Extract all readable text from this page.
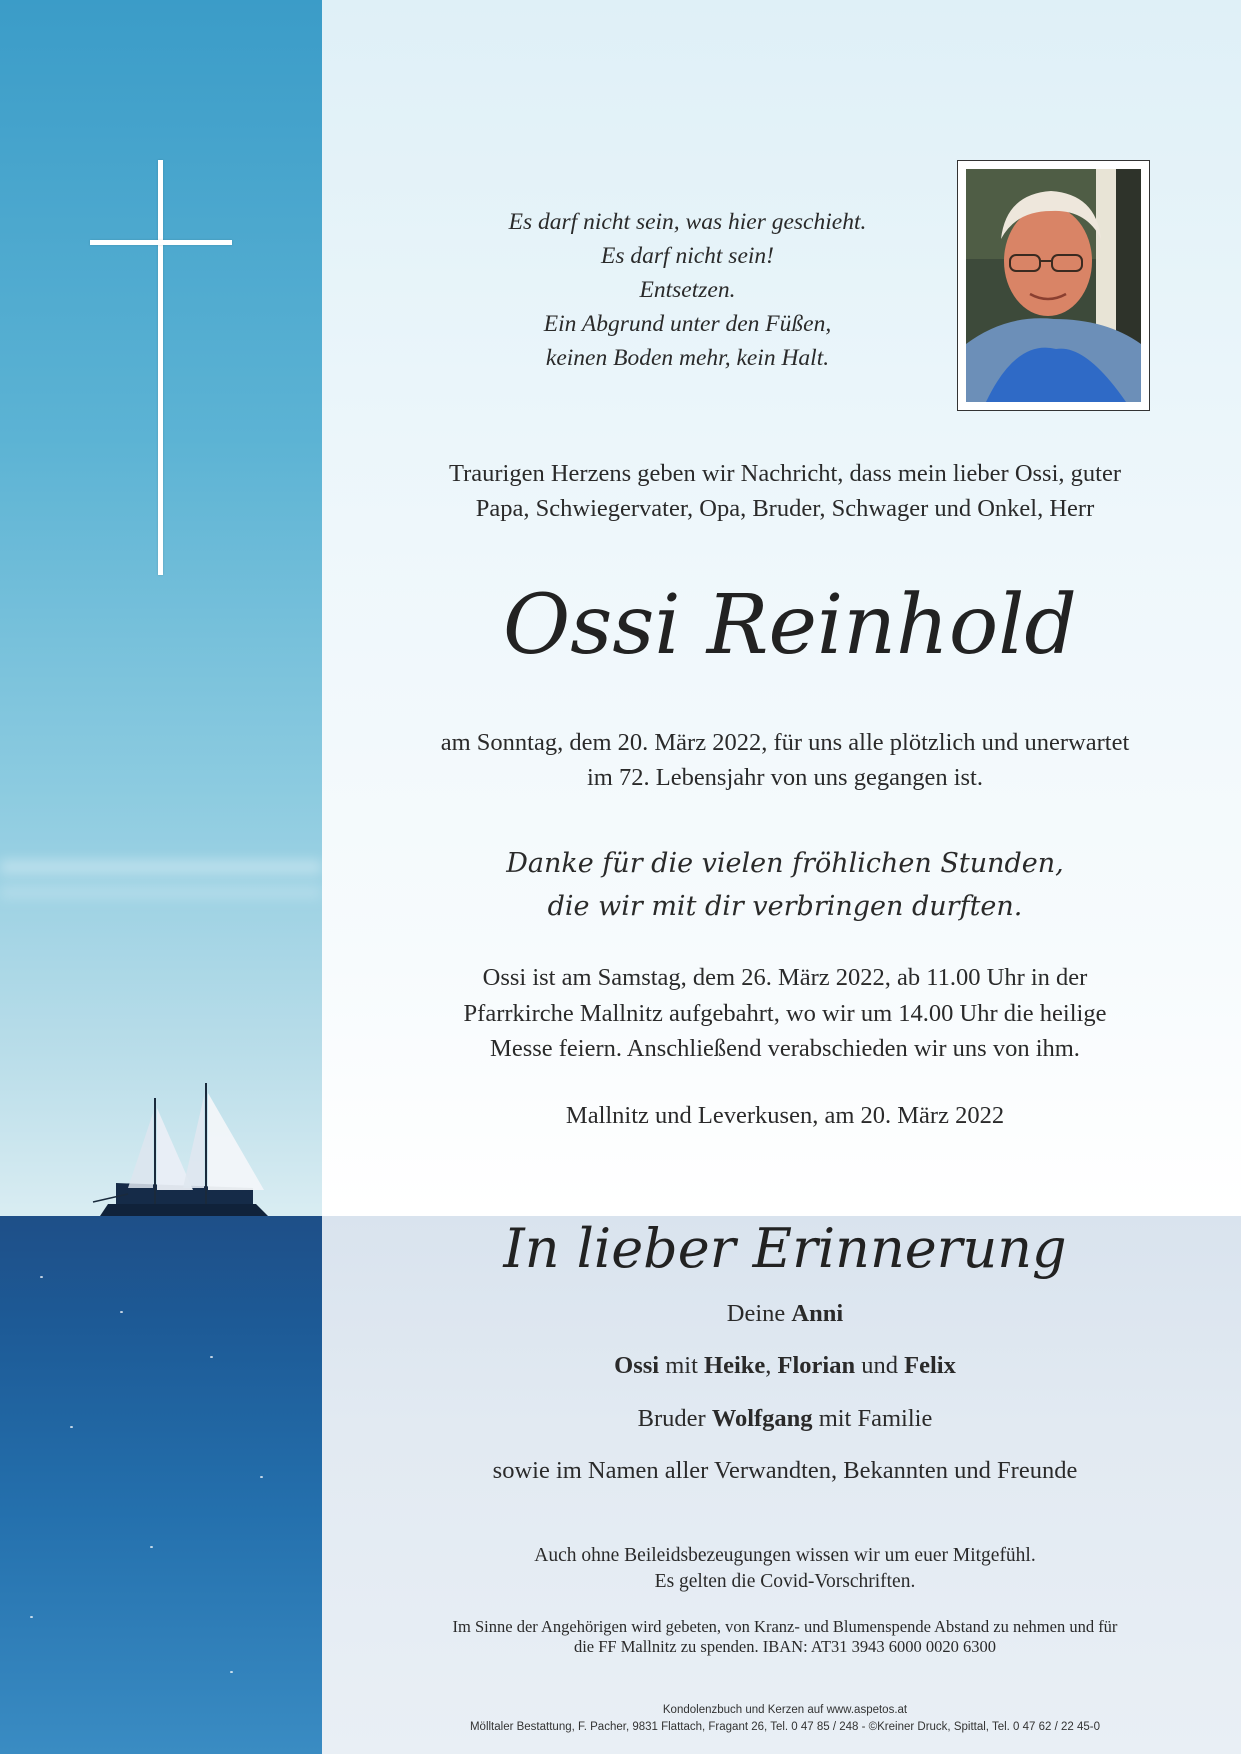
Es darf nicht sein, was hier geschieht.
Es darf nicht sein!
Entsetzen.
Ein Abgrund unter den Füßen,
keinen Boden mehr, kein Halt.
Traurigen Herzens geben wir Nachricht, dass mein lieber Ossi, guter
Papa, Schwiegervater, Opa, Bruder, Schwager und Onkel, Herr
Ossi Reinhold
am Sonntag, dem 20. März 2022, für uns alle plötzlich und unerwartet
im 72. Lebensjahr von uns gegangen ist.
Danke für die vielen fröhlichen Stunden,
die wir mit dir verbringen durften.
Ossi ist am Samstag, dem 26. März 2022, ab 11.00 Uhr in der
Pfarrkirche Mallnitz aufgebahrt, wo wir um 14.00 Uhr die heilige
Messe feiern. Anschließend verabschieden wir uns von ihm.
Mallnitz und Leverkusen, am 20. März 2022
In lieber Erinnerung
Deine Anni
Ossi mit Heike, Florian und Felix
Bruder Wolfgang mit Familie
sowie im Namen aller Verwandten, Bekannten und Freunde
Auch ohne Beileidsbezeugungen wissen wir um euer Mitgefühl.
Es gelten die Covid-Vorschriften.
Im Sinne der Angehörigen wird gebeten, von Kranz- und Blumenspende Abstand zu nehmen und für
die FF Mallnitz zu spenden. IBAN: AT31 3943 6000 0020 6300
Kondolenzbuch und Kerzen auf www.aspetos.at
Mölltaler Bestattung, F. Pacher, 9831 Flattach, Fragant 26, Tel. 0 47 85 / 248 - ©Kreiner Druck, Spittal, Tel. 0 47 62 / 22 45-0
